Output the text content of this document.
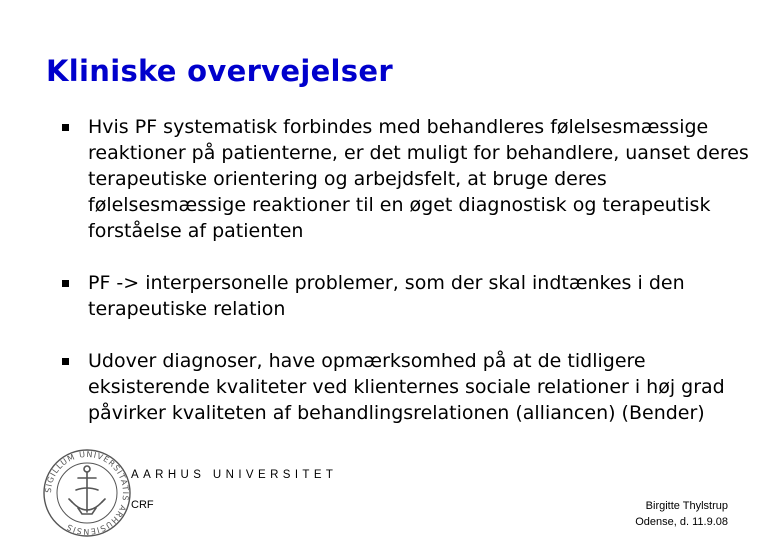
Kliniske overvejelser
Hvis PF systematisk forbindes med behandleres følelsesmæssige reaktioner på patienterne, er det muligt for behandlere, uanset deres terapeutiske orientering og arbejdsfelt, at bruge deres følelsesmæssige reaktioner til en øget diagnostisk og terapeutisk forståelse af patienten
PF -> interpersonelle problemer, som der skal indtænkes i den terapeutiske relation
Udover diagnoser, have opmærksomhed på at de tidligere eksisterende kvaliteter ved klienternes sociale relationer i høj grad påvirker kvaliteten af behandlingsrelationen (alliancen) (Bender)
SIGILLUM UNIVERSITATIS ARHUSIENSIS
AARHUS UNIVERSITET
CRF	Birgitte Thylstrup
Odense, d. 11.9.08
